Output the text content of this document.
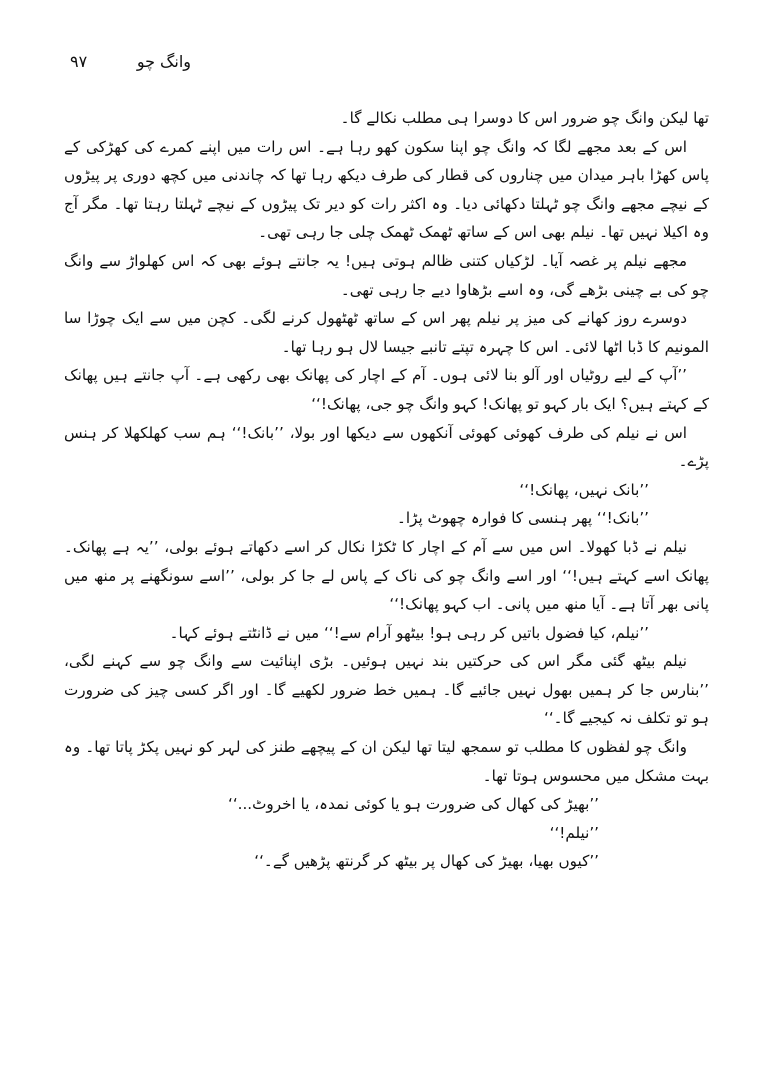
۹۷	وانگ چو

تھا لیکن وانگ چو ضرور اس کا دوسرا ہی مطلب نکالے گا۔

اس کے بعد مجھے لگا کہ وانگ چو اپنا سکون کھو رہا ہے۔ اس رات میں اپنے کمرے کی کھڑکی کے پاس کھڑا باہر میدان میں چناروں کی قطار کی طرف دیکھ رہا تھا کہ چاندنی میں کچھ دوری پر پیڑوں کے نیچے مجھے وانگ چو ٹہلتا دکھائی دیا۔ وہ اکثر رات کو دیر تک پیڑوں کے نیچے ٹہلتا رہتا تھا۔ مگر آج وہ اکیلا نہیں تھا۔ نیلم بھی اس کے ساتھ ٹھمک ٹھمک چلی جا رہی تھی۔

مجھے نیلم پر غصہ آیا۔ لڑکیاں کتنی ظالم ہوتی ہیں! یہ جانتے ہوئے بھی کہ اس کھلواڑ سے وانگ چو کی بے چینی بڑھے گی، وہ اسے بڑھاوا دیے جا رہی تھی۔

دوسرے روز کھانے کی میز پر نیلم پھر اس کے ساتھ ٹھٹھول کرنے لگی۔ کچن میں سے ایک چوڑا سا المونیم کا ڈبا اٹھا لائی۔ اس کا چہرہ تپتے تانبے جیسا لال ہو رہا تھا۔

’’آپ کے لیے روٹیاں اور آلو بنا لائی ہوں۔ آم کے اچار کی پھانک بھی رکھی ہے۔ آپ جانتے ہیں پھانک کے کہتے ہیں؟ ایک بار کہو تو پھانک! کہو وانگ چو جی، پھانک!‘‘

اس نے نیلم کی طرف کھوئی کھوئی آنکھوں سے دیکھا اور بولا، ’’بانک!‘‘ ہم سب کھلکھلا کر ہنس پڑے۔

’’بانک نہیں، پھانک!‘‘

’’بانک!‘‘ پھر ہنسی کا فوارہ چھوٹ پڑا۔

نیلم نے ڈبا کھولا۔ اس میں سے آم کے اچار کا ٹکڑا نکال کر اسے دکھاتے ہوئے بولی، ’’یہ ہے پھانک۔ پھانک اسے کہتے ہیں!‘‘ اور اسے وانگ چو کی ناک کے پاس لے جا کر بولی، ’’اسے سونگھنے پر منھ میں پانی بھر آتا ہے۔ آیا منھ میں پانی۔ اب کہو پھانک!‘‘

’’نیلم، کیا فضول باتیں کر رہی ہو! بیٹھو آرام سے!‘‘ میں نے ڈانٹتے ہوئے کہا۔

نیلم بیٹھ گئی مگر اس کی حرکتیں بند نہیں ہوئیں۔ بڑی اپنائیت سے وانگ چو سے کہنے لگی، ’’بنارس جا کر ہمیں بھول نہیں جائیے گا۔ ہمیں خط ضرور لکھیے گا۔ اور اگر کسی چیز کی ضرورت ہو تو تکلف نہ کیجیے گا۔‘‘

وانگ چو لفظوں کا مطلب تو سمجھ لیتا تھا لیکن ان کے پیچھے طنز کی لہر کو نہیں پکڑ پاتا تھا۔ وہ بہت مشکل میں محسوس ہوتا تھا۔

’’بھیڑ کی کھال کی ضرورت ہو یا کوئی نمدہ، یا اخروٹ...‘‘

’’نیلم!‘‘

’’کیوں بھیا، بھیڑ کی کھال پر بیٹھ کر گرنتھ پڑھیں گے۔‘‘
